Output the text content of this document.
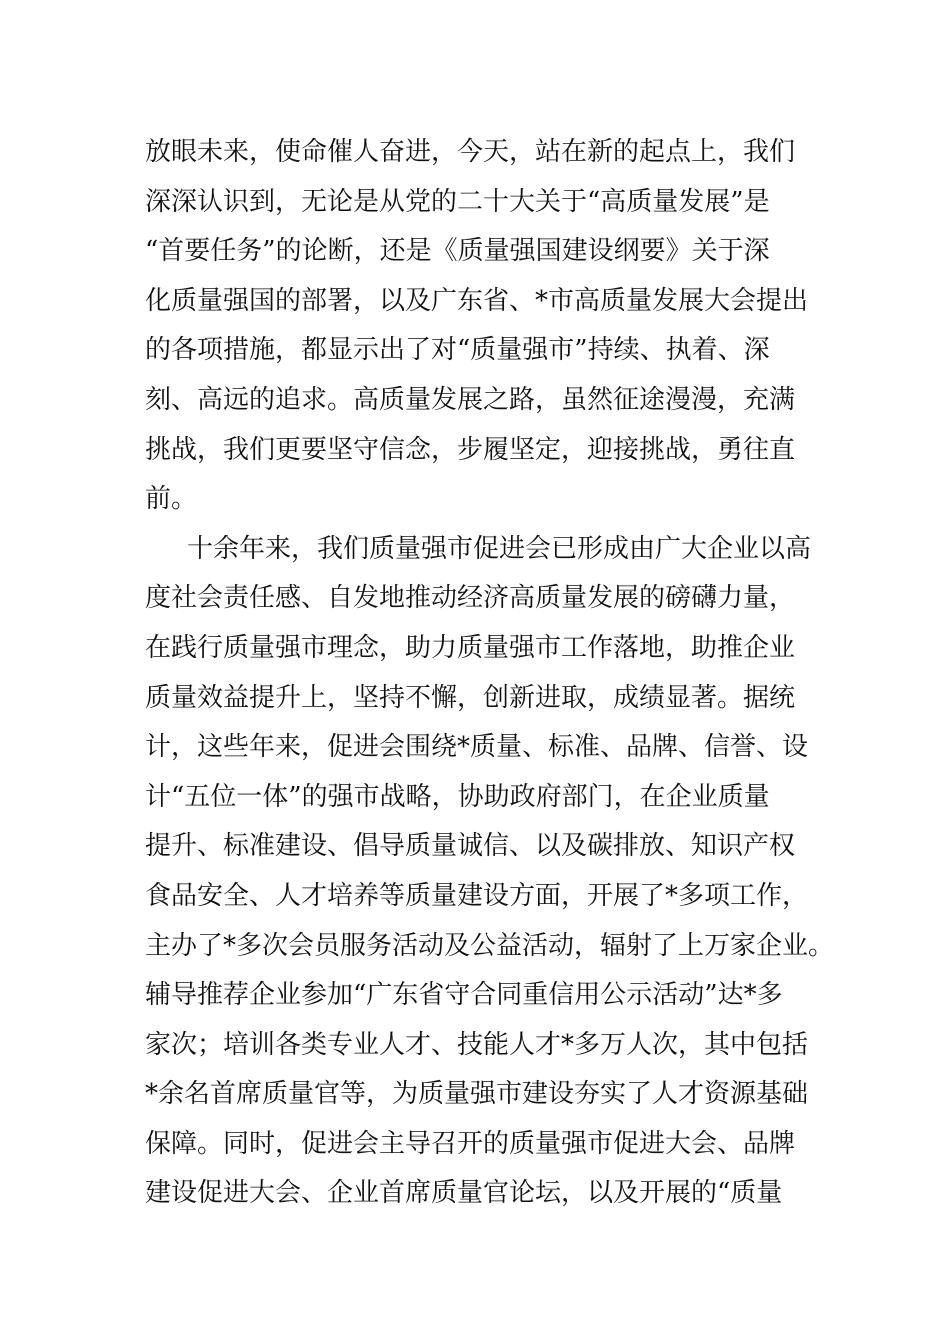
放眼未来，使命催人奋进，今天，站在新的起点上，我们
深深认识到，无论是从党的二十大关于“高质量发展”是
“首要任务”的论断，还是《质量强国建设纲要》关于深
化质量强国的部署，以及广东省、*市高质量发展大会提出
的各项措施，都显示出了对“质量强市”持续、执着、深
刻、高远的追求。高质量发展之路，虽然征途漫漫，充满
挑战，我们更要坚守信念，步履坚定，迎接挑战，勇往直
前。
十余年来，我们质量强市促进会已形成由广大企业以高
度社会责任感、自发地推动经济高质量发展的磅礴力量，
在践行质量强市理念，助力质量强市工作落地，助推企业
质量效益提升上，坚持不懈，创新进取，成绩显著。据统
计，这些年来，促进会围绕*质量、标准、品牌、信誉、设
计“五位一体”的强市战略，协助政府部门，在企业质量
提升、标准建设、倡导质量诚信、以及碳排放、知识产权
食品安全、人才培养等质量建设方面，开展了*多项工作，
主办了*多次会员服务活动及公益活动，辐射了上万家企业。
辅导推荐企业参加“广东省守合同重信用公示活动”达*多
家次；培训各类专业人才、技能人才*多万人次，其中包括
*余名首席质量官等，为质量强市建设夯实了人才资源基础
保障。同时，促进会主导召开的质量强市促进大会、品牌
建设促进大会、企业首席质量官论坛，以及开展的“质量
